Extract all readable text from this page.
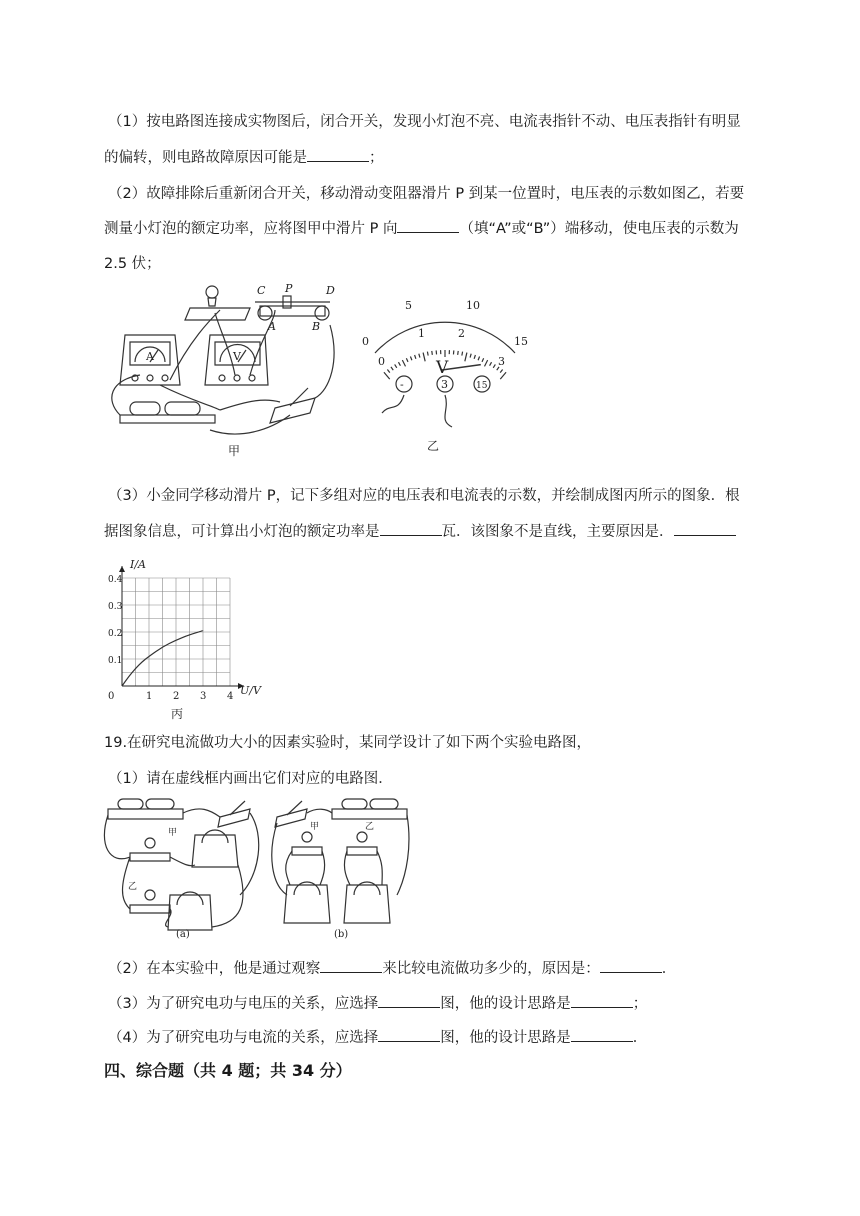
（1）按电路图连接成实物图后，闭合开关，发现小灯泡不亮、电流表指针不动、电压表指针有明显

的偏转，则电路故障原因可能是	；

（2）故障排除后重新闭合开关，移动滑动变阻器滑片 P 到某一位置时，电压表的示数如图乙，若要

测量小灯泡的额定功率，应将图甲中滑片 P 向	（填“A”或“B”）端移动，使电压表的示数为

2.5 伏；

C P	D
A	B
A	V
甲
0
5	10
15
0
1	2
3
V
-	3	15
乙

（3）小金同学移动滑片 P，记下多组对应的电压表和电流表的示数，并绘制成图丙所示的图象．根

据图象信息，可计算出小灯泡的额定功率是	瓦．该图象不是直线，主要原因是．

0	1 2 3 4
0.1
0.2
0.3
0.4
I/A
U/V
丙

19.在研究电流做功大小的因素实验时，某同学设计了如下两个实验电路图，

（1）请在虚线框内画出它们对应的电路图．

甲
乙
(a)
甲	乙
(b)

（2）在本实验中，他是通过观察	来比较电流做功多少的，原因是：	．

（3）为了研究电功与电压的关系，应选择	图，他的设计思路是	；

（4）为了研究电功与电流的关系，应选择	图，他的设计思路是	．

四、综合题（共 4 题；共 34 分）
